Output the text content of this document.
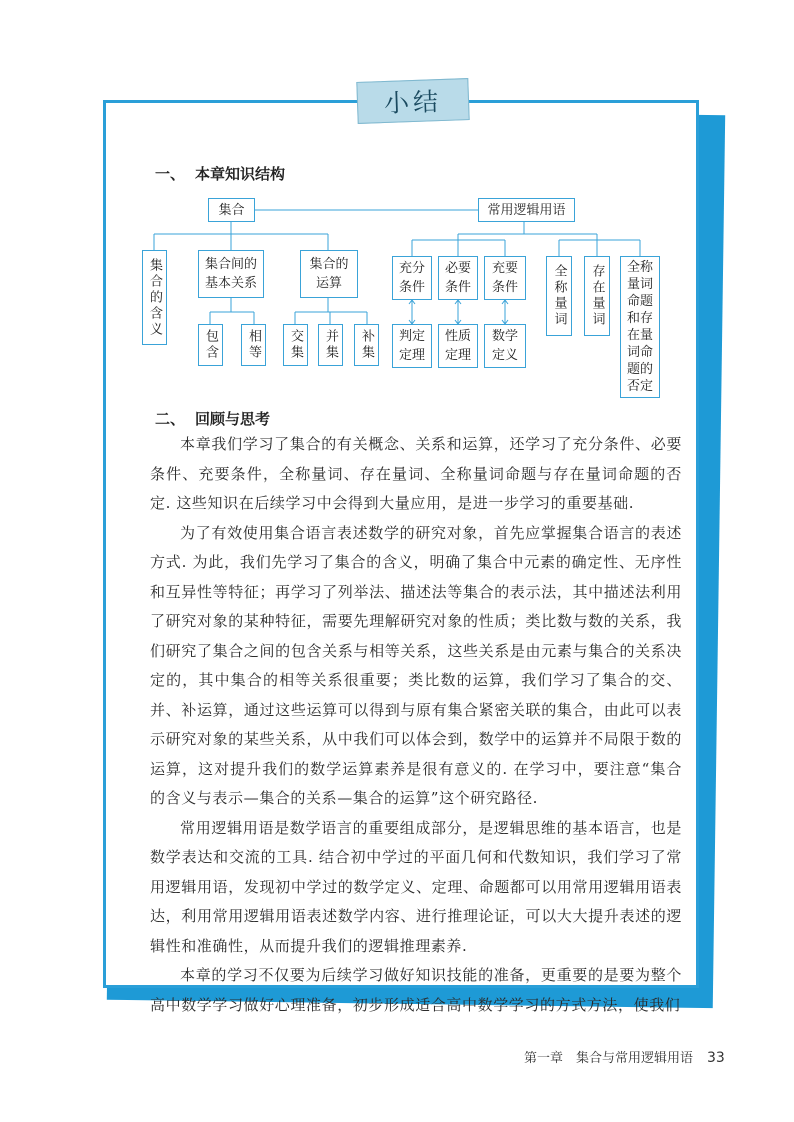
小结
一、 本章知识结构
集合	常用逻辑用语
集合的含义	集合间的基本关系
集合的运算
包含	相等	交集	并集	补集
充分条件
必要条件
充要条件
判定定理
性质定理
数学定义
全称量词	存在量词	全称量词命题和存在量词命题的否定
二、 回顾与思考

本章我们学习了集合的有关概念、关系和运算，还学习了充分条件、必要条件、充要条件，全称量词、存在量词、全称量词命题与存在量词命题的否定. 这些知识在后续学习中会得到大量应用，是进一步学习的重要基础.

为了有效使用集合语言表述数学的研究对象，首先应掌握集合语言的表述方式. 为此，我们先学习了集合的含义，明确了集合中元素的确定性、无序性和互异性等特征；再学习了列举法、描述法等集合的表示法，其中描述法利用了研究对象的某种特征，需要先理解研究对象的性质；类比数与数的关系，我们研究了集合之间的包含关系与相等关系，这些关系是由元素与集合的关系决定的，其中集合的相等关系很重要；类比数的运算，我们学习了集合的交、并、补运算，通过这些运算可以得到与原有集合紧密关联的集合，由此可以表示研究对象的某些关系，从中我们可以体会到，数学中的运算并不局限于数的运算，这对提升我们的数学运算素养是很有意义的. 在学习中，要注意“集合的含义与表示—集合的关系—集合的运算”这个研究路径.

常用逻辑用语是数学语言的重要组成部分，是逻辑思维的基本语言，也是数学表达和交流的工具. 结合初中学过的平面几何和代数知识，我们学习了常用逻辑用语，发现初中学过的数学定义、定理、命题都可以用常用逻辑用语表达，利用常用逻辑用语表述数学内容、进行推理论证，可以大大提升表述的逻辑性和准确性，从而提升我们的逻辑推理素养.

本章的学习不仅要为后续学习做好知识技能的准备，更重要的是要为整个高中数学学习做好心理准备，初步形成适合高中数学学习的方式方法，使我们

第一章　集合与常用逻辑用语 33
